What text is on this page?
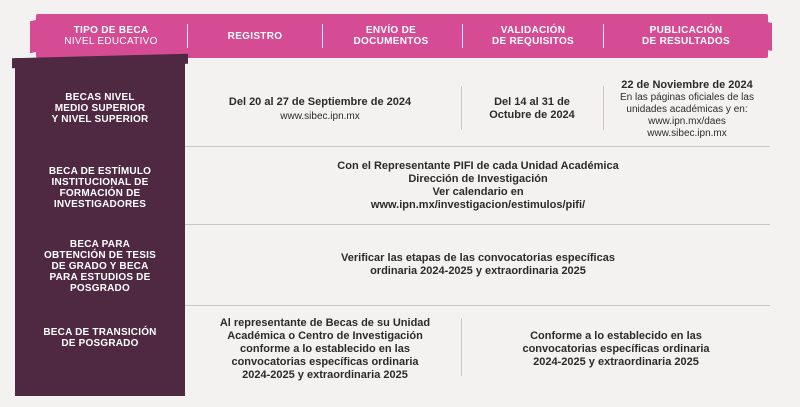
TIPO DE BECA
NIVEL EDUCATIVO	REGISTRO	ENVÍO DE
DOCUMENTOS
VALIDACIÓN
DE REQUISITOS
PUBLICACIÓN
DE RESULTADOS
BECAS NIVEL
MEDIO SUPERIOR
Y NIVEL SUPERIOR
BECA DE ESTÍMULO
INSTITUCIONAL DE
FORMACIÓN DE
INVESTIGADORES
BECA PARA
OBTENCIÓN DE TESIS
DE GRADO Y BECA
PARA ESTUDIOS DE
POSGRADO
BECA DE TRANSICIÓN
DE POSGRADO
Del 20 al 27 de Septiembre de 2024
www.sibec.ipn.mx
Del 14 al 31 de
Octubre de 2024
22 de Noviembre de 2024
En las páginas oficiales de las
unidades académicas y en:
www.ipn.mx/daes
www.sibec.ipn.mx
Con el Representante PIFI de cada Unidad Académica
Dirección de Investigación
Ver calendario en
www.ipn.mx/investigacion/estimulos/pifi/
Verificar las etapas de las convocatorias específicas
ordinaria 2024-2025 y extraordinaria 2025
Al representante de Becas de su Unidad
Académica o Centro de Investigación
conforme a lo establecido en las
convocatorias específicas ordinaria
2024-2025 y extraordinaria 2025
Conforme a lo establecido en las
convocatorias específicas ordinaria
2024-2025 y extraordinaria 2025
